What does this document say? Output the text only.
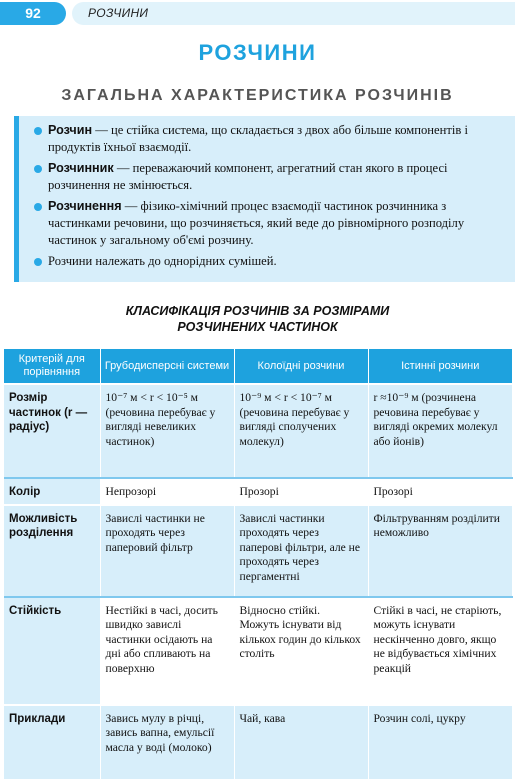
92	РОЗЧИНИ
РОЗЧИНИ
ЗАГАЛЬНА ХАРАКТЕРИСТИКА РОЗЧИНІВ
Розчин — це стійка система, що складається з двох або більше компонентів і продуктів їхньої взаємодії.
Розчинник — переважаючий компонент, агрегатний стан якого в процесі розчинення не змінюється.
Розчинення — фізико-хімічний процес взаємодії частинок розчинника з частинками речовини, що розчиняється, який веде до рівномірного розподілу частинок у загальному об'ємі розчину.
Розчини належать до однорідних сумішей.
КЛАСИФІКАЦІЯ РОЗЧИНІВ ЗА РОЗМІРАМИ
РОЗЧИНЕНИХ ЧАСТИНОК
Критерій для порівняння	Грубодисперсні системи	Колоїдні розчини	Істинні розчини
Розмір частинок (r — радіус)	10⁻⁷ м < r < 10⁻⁵ м (речовина перебуває у вигляді невеликих частинок)	10⁻⁹ м < r < 10⁻⁷ м (речовина перебуває у вигляді сполучених молекул)	r ≈10⁻⁹ м (розчинена речовина перебуває у вигляді окремих молекул або йонів)
Колір	Непрозорі	Прозорі	Прозорі
Можливість розділення	Завислі частинки не проходять через паперовий фільтр	Завислі частинки проходять через паперові фільтри, але не проходять через пергаментні	Фільтруванням розділити неможливо
Стійкість	Нестійкі в часі, досить швидко завислі частинки осідають на дні або спливають на поверхню	Відносно стійкі. Можуть існувати від кількох годин до кількох століть	Стійкі в часі, не старіють, можуть існувати нескінченно довго, якщо не відбувається хімічних реакцій
Приклади	Завись мулу в річці, завись вапна, емульсії масла у воді (молоко)	Чай, кава	Розчин солі, цукру
